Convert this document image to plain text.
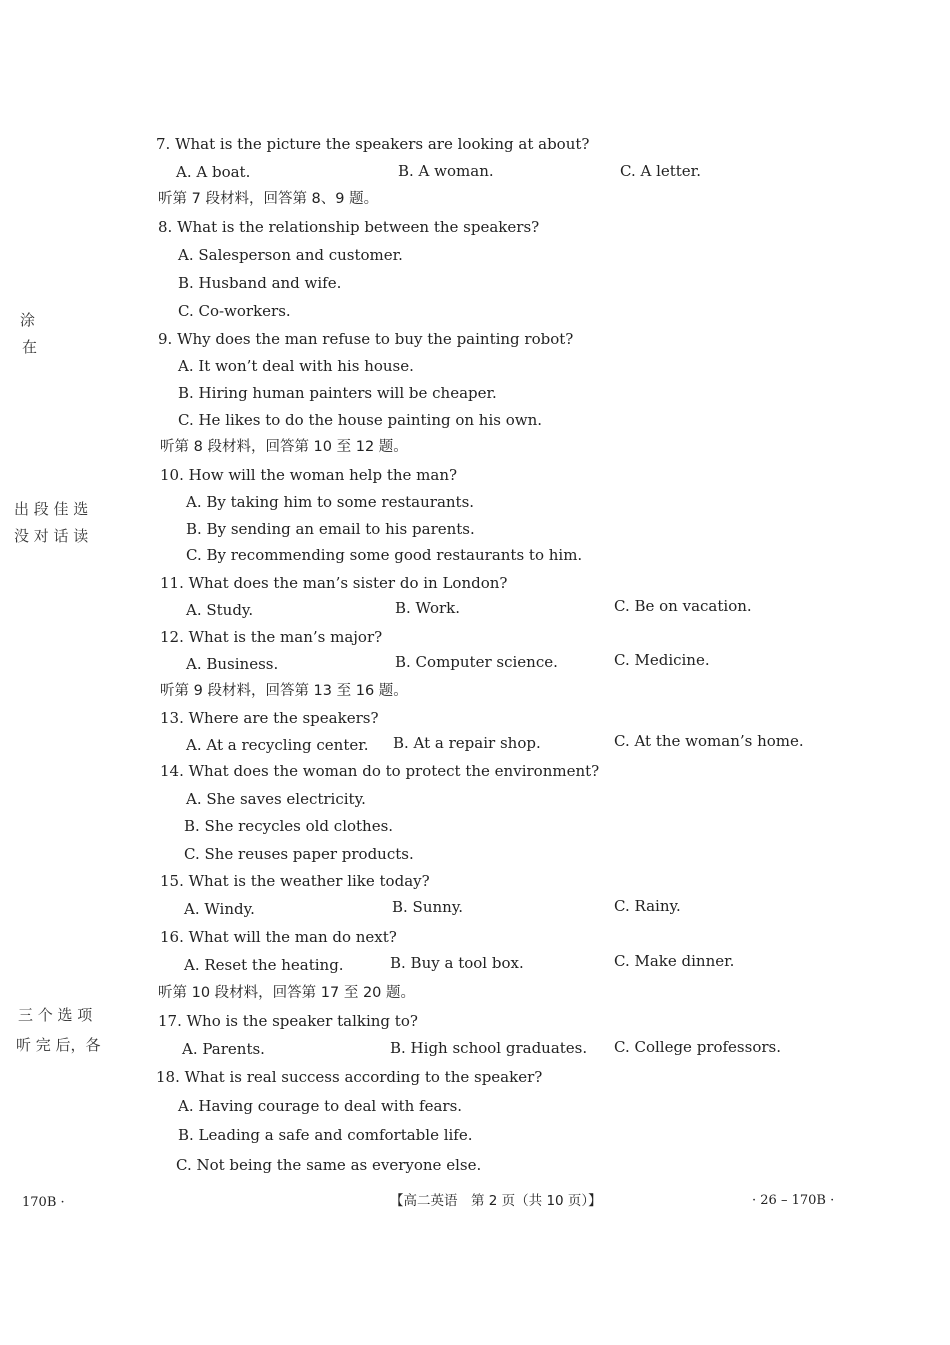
涂
在
出 段 佳 选
没 对 话 读
三 个 选 项
听 完 后，各
7. What is the picture the speakers are looking at about?
A. A boat.	B. A woman.	C. A letter.
听第 7 段材料，回答第 8、9 题。
8. What is the relationship between the speakers?
A. Salesperson and customer.
B. Husband and wife.
C. Co-workers.
9. Why does the man refuse to buy the painting robot?
A. It won’t deal with his house.
B. Hiring human painters will be cheaper.
C. He likes to do the house painting on his own.
听第 8 段材料，回答第 10 至 12 题。
10. How will the woman help the man?
A. By taking him to some restaurants.
B. By sending an email to his parents.
C. By recommending some good restaurants to him.
11. What does the man’s sister do in London?
A. Study.	B. Work.	C. Be on vacation.
12. What is the man’s major?
A. Business.	B. Computer science.	C. Medicine.
听第 9 段材料，回答第 13 至 16 题。
13. Where are the speakers?
A. At a recycling center. B. At a repair shop.	C. At the woman’s home.
14. What does the woman do to protect the environment?
A. She saves electricity.
B. She recycles old clothes.
C. She reuses paper products.
15. What is the weather like today?
A. Windy.	B. Sunny.	C. Rainy.
16. What will the man do next?
A. Reset the heating.	B. Buy a tool box.	C. Make dinner.
听第 10 段材料，回答第 17 至 20 题。
17. Who is the speaker talking to?
A. Parents.	B. High school graduates. C. College professors.
18. What is real success according to the speaker?
A. Having courage to deal with fears.
B. Leading a safe and comfortable life.
C. Not being the same as everyone else.
170B ·	【高二英语　第 2 页（共 10 页）】	· 26 – 170B ·
